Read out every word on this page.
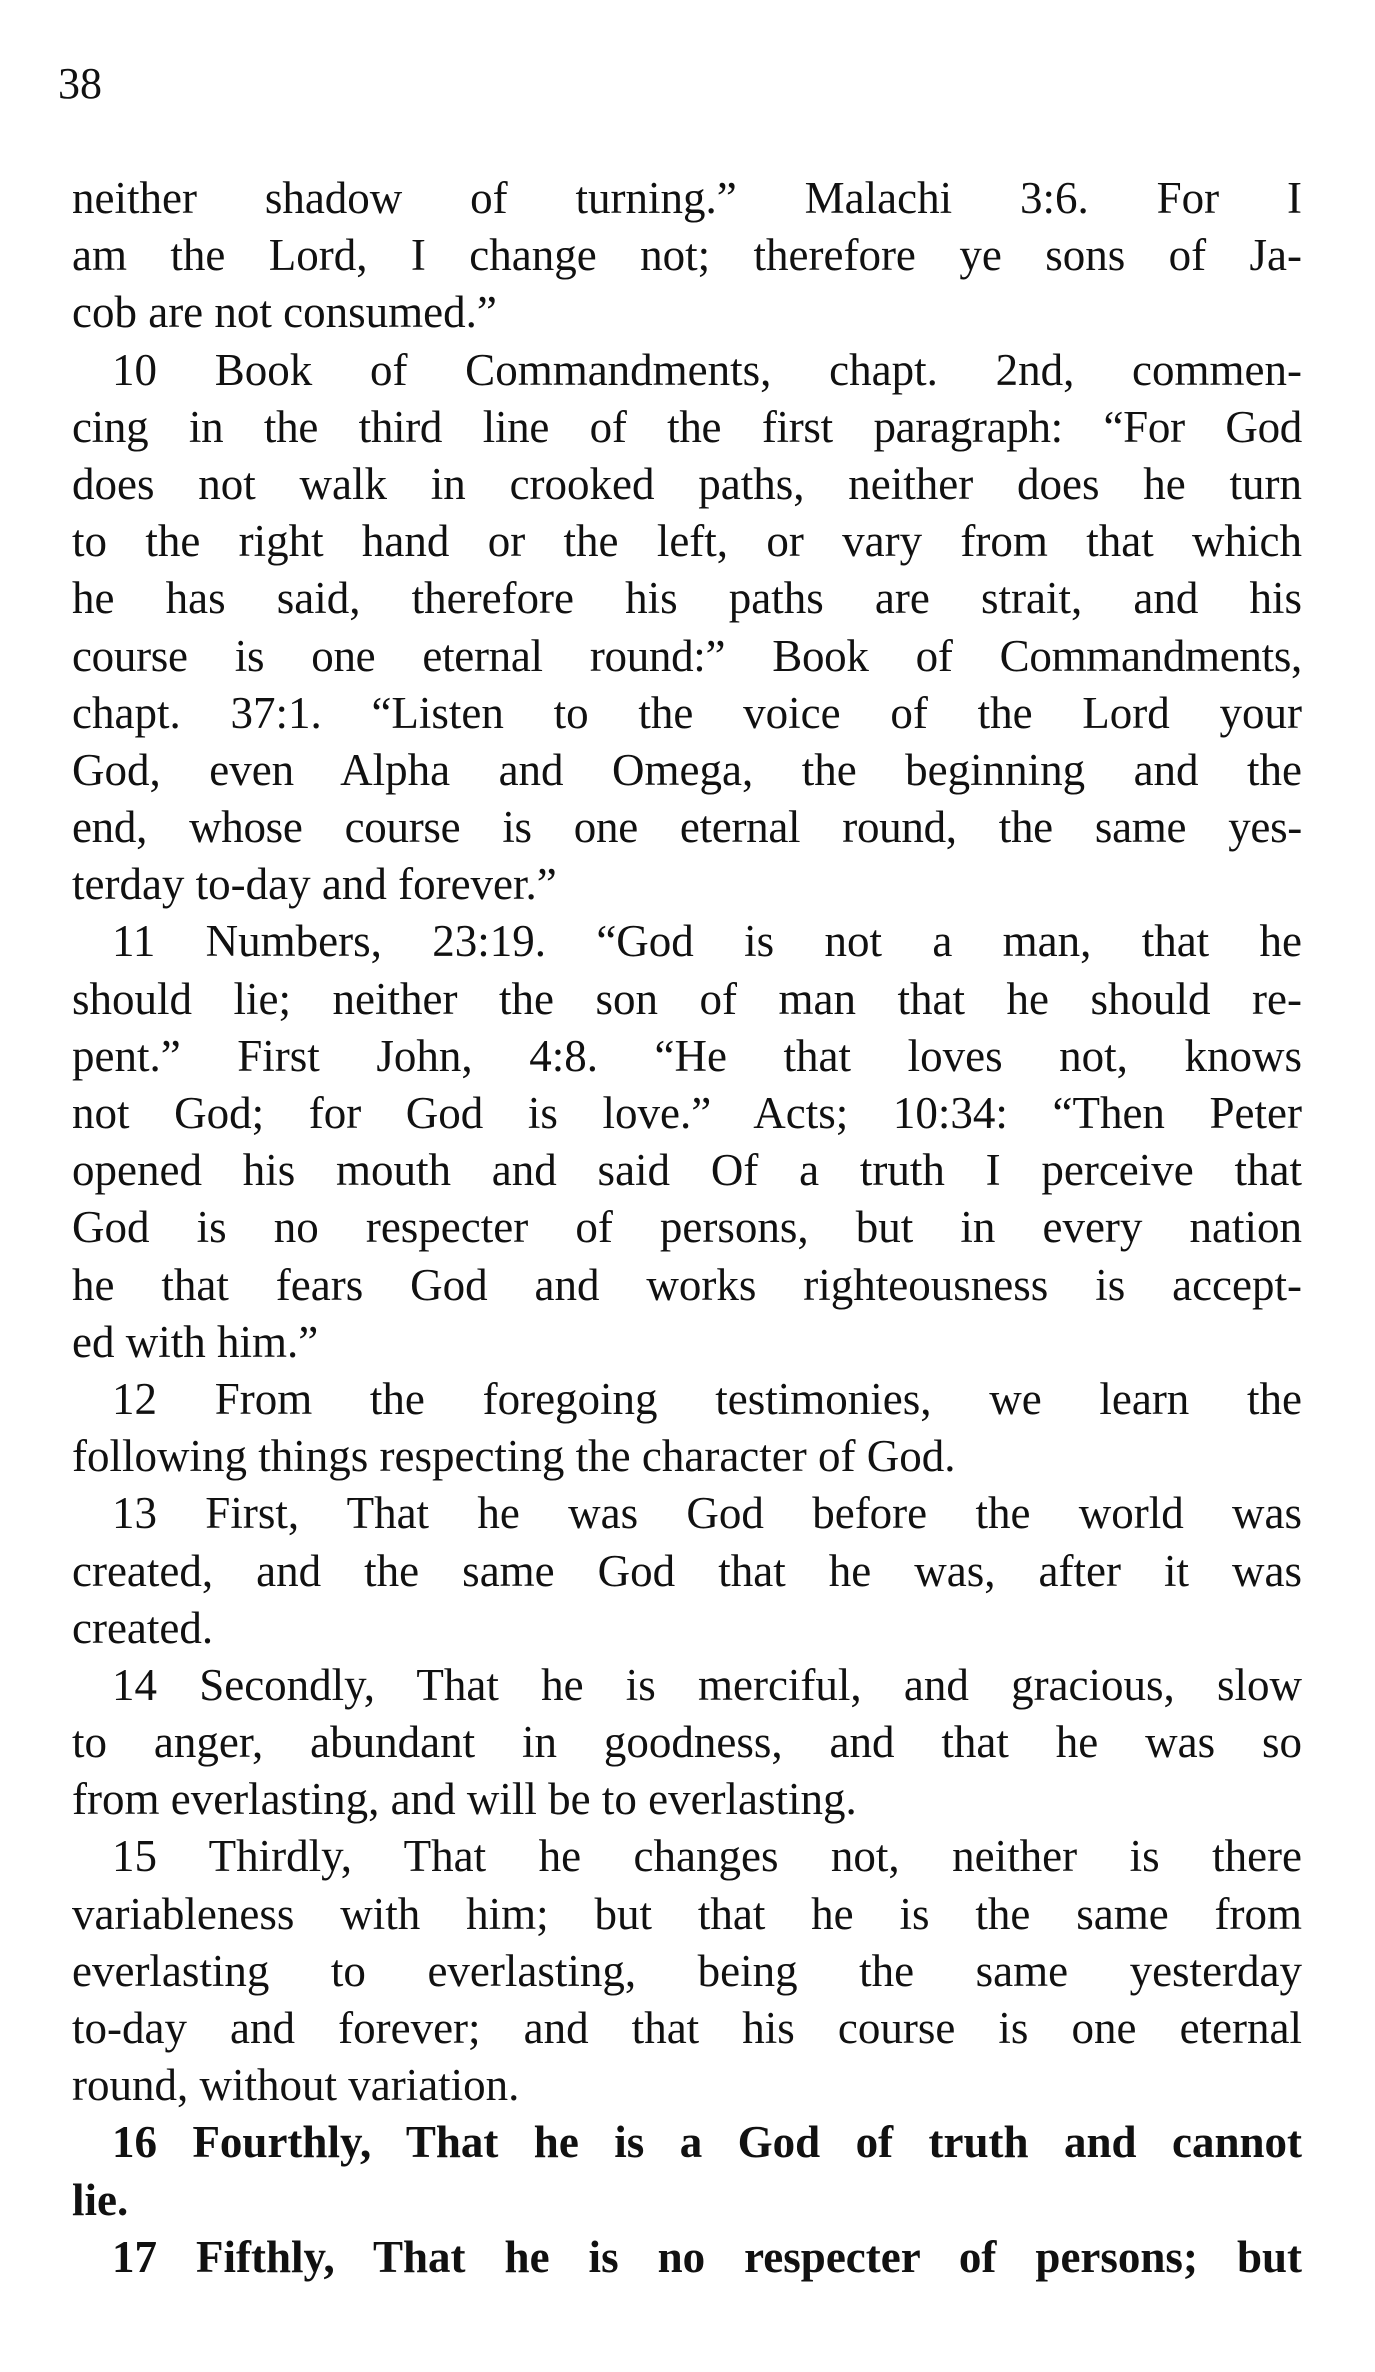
38
neither shadow of turning.” Malachi 3:6. For I
am the Lord, I change not; therefore ye sons of Ja-
cob are not consumed.”
10 Book of Commandments, chapt. 2nd, commen-
cing in the third line of the first paragraph: “For God
does not walk in crooked paths, neither does he turn
to the right hand or the left, or vary from that which
he has said, therefore his paths are strait, and his
course is one eternal round:” Book of Commandments,
chapt. 37:1. “Listen to the voice of the Lord your
God, even Alpha and Omega, the beginning and the
end, whose course is one eternal round, the same yes-
terday to-day and forever.”
11 Numbers, 23:19. “God is not a man, that he
should lie; neither the son of man that he should re-
pent.” First John, 4:8. “He that loves not, knows
not God; for God is love.” Acts; 10:34: “Then Peter
opened his mouth and said Of a truth I perceive that
God is no respecter of persons, but in every nation
he that fears God and works righteousness is accept-
ed with him.”
12 From the foregoing testimonies, we learn the
following things respecting the character of God.
13 First, That he was God before the world was
created, and the same God that he was, after it was
created.
14 Secondly, That he is merciful, and gracious, slow
to anger, abundant in goodness, and that he was so
from everlasting, and will be to everlasting.
15 Thirdly, That he changes not, neither is there
variableness with him; but that he is the same from
everlasting to everlasting, being the same yesterday
to-day and forever; and that his course is one eternal
round, without variation.
16 Fourthly, That he is a God of truth and cannot
lie.
17 Fifthly, That he is no respecter of persons; but
